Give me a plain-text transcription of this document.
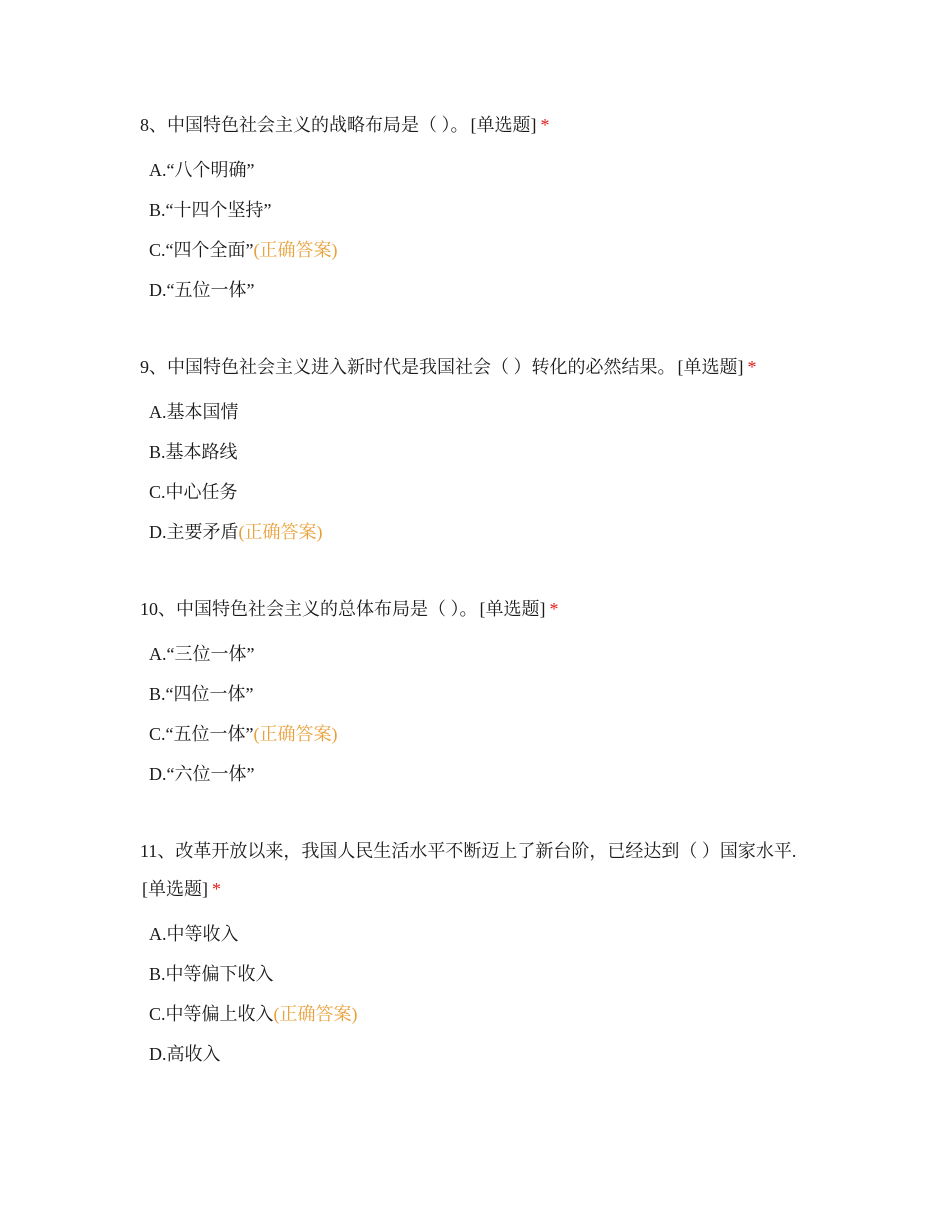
8、中国特色社会主义的战略布局是（ ）。 [单选题] *

A.“八个明确”
B.“十四个坚持”
C.“四个全面”(正确答案)
D.“五位一体”

9、中国特色社会主义进入新时代是我国社会（ ）转化的必然结果。 [单选题] *

A.基本国情
B.基本路线
C.中心任务
D.主要矛盾(正确答案)

10、中国特色社会主义的总体布局是（ ）。 [单选题] *

A.“三位一体”
B.“四位一体”
C.“五位一体”(正确答案)
D.“六位一体”

11、改革开放以来，我国人民生活水平不断迈上了新台阶，已经达到（ ）国家水平.[单选题] *

A.中等收入
B.中等偏下收入
C.中等偏上收入(正确答案)
D.高收入
